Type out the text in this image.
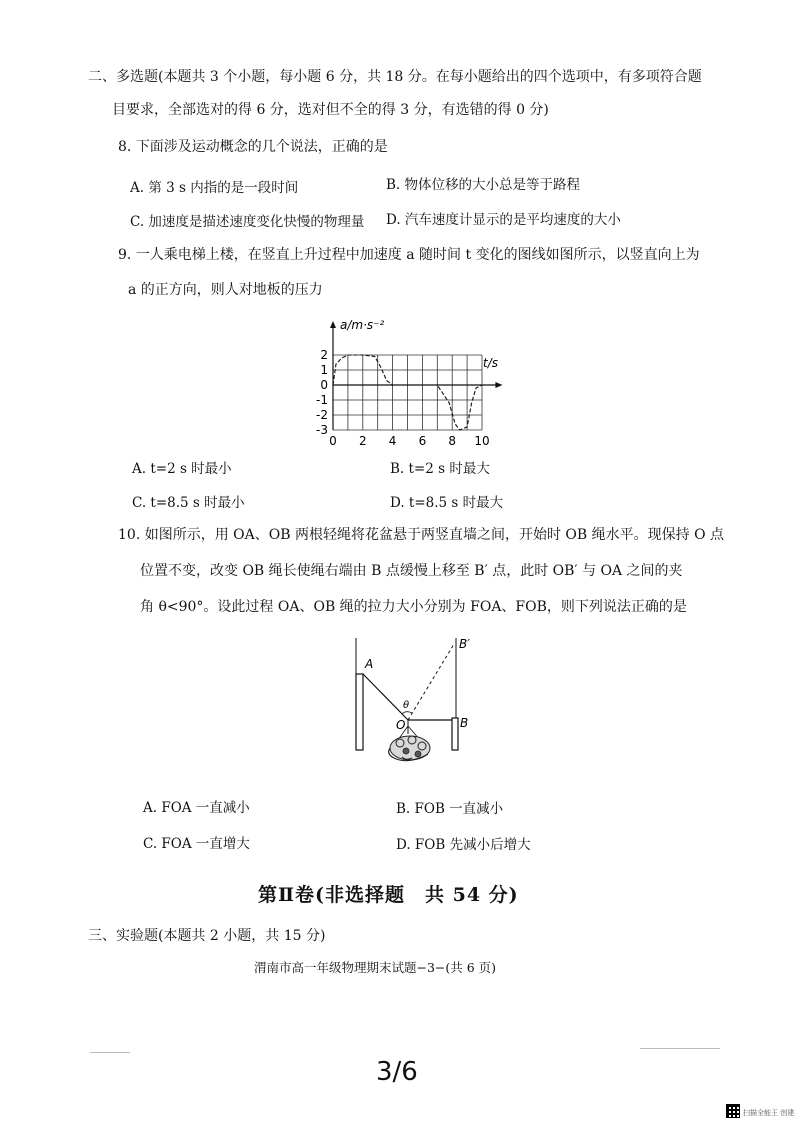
二、多选题(本题共 3 个小题，每小题 6 分，共 18 分。在每小题给出的四个选项中，有多项符合题
目要求，全部选对的得 6 分，选对但不全的得 3 分，有选错的得 0 分)
8. 下面涉及运动概念的几个说法，正确的是
A. 第 3 s 内指的是一段时间	B. 物体位移的大小总是等于路程
C. 加速度是描述速度变化快慢的物理量 D. 汽车速度计显示的是平均速度的大小
9. 一人乘电梯上楼，在竖直上升过程中加速度 a 随时间 t 变化的图线如图所示，以竖直向上为
a 的正方向，则人对地板的压力
2
1
0
-1
-2
-3
0 2 4 6 8 10
a/m·s⁻²
t/s
A. t=2 s 时最小	B. t=2 s 时最大
C. t=8.5 s 时最小	D. t=8.5 s 时最大
10. 如图所示，用 OA、OB 两根轻绳将花盆悬于两竖直墙之间，开始时 OB 绳水平。现保持 O 点
位置不变，改变 OB 绳长使绳右端由 B 点缓慢上移至 B′ 点，此时 OB′ 与 OA 之间的夹
角 θ<90°。设此过程 OA、OB 绳的拉力大小分别为 FOA、FOB，则下列说法正确的是
A
B′
B
O
θ
A. FOA 一直减小	B. FOB 一直减小
C. FOA 一直增大	D. FOB 先减小后增大
第Ⅱ卷(非选择题　共 54 分)
三、实验题(本题共 2 小题，共 15 分)
渭南市高一年级物理期末试题−3−(共 6 页)
3/6
扫描全能王 创建
